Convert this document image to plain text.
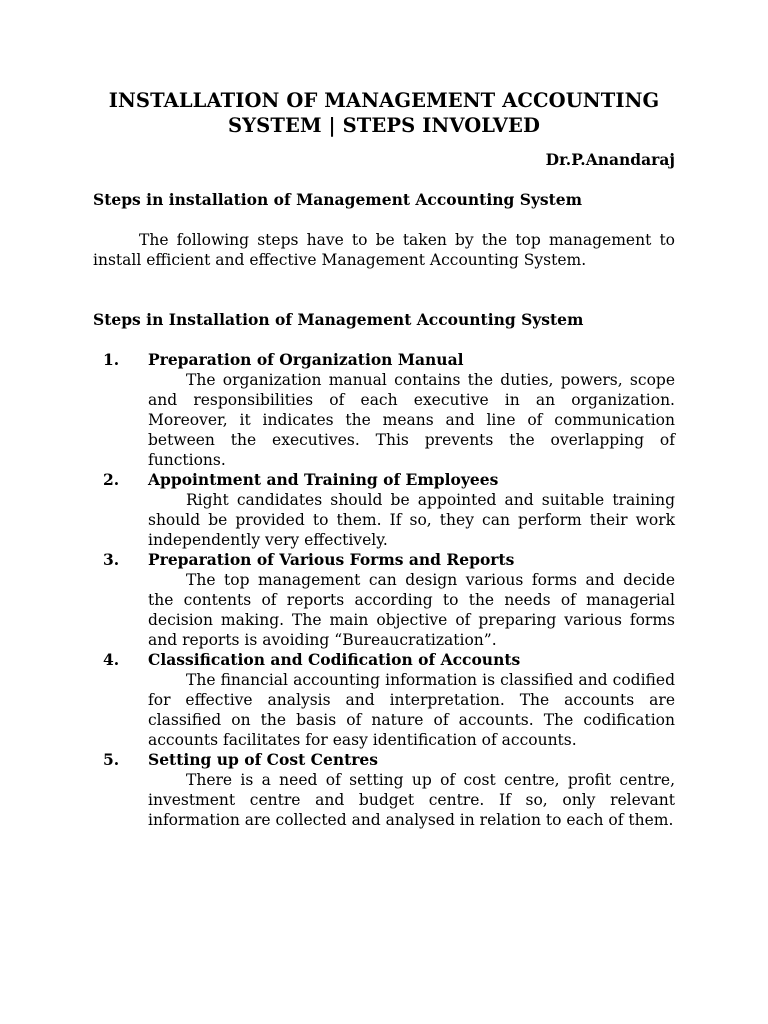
INSTALLATION OF MANAGEMENT ACCOUNTING
SYSTEM | STEPS INVOLVED
Dr.P.Anandaraj
Steps in installation of Management Accounting System

The following steps have to be taken by the top management to install efficient and effective Management Accounting System.

Steps in Installation of Management Accounting System
1. Preparation of Organization Manual
The organization manual contains the duties, powers, scope and responsibilities of each executive in an organization. Moreover, it indicates the means and line of communication between the executives. This prevents the overlapping of functions.
2. Appointment and Training of Employees
Right candidates should be appointed and suitable training should be provided to them. If so, they can perform their work independently very effectively.
3. Preparation of Various Forms and Reports
The top management can design various forms and decide the contents of reports according to the needs of managerial decision making. The main objective of preparing various forms and reports is avoiding “Bureaucratization”.
4. Classification and Codification of Accounts
The financial accounting information is classified and codified for effective analysis and interpretation. The accounts are classified on the basis of nature of accounts. The codification accounts facilitates for easy identification of accounts.
5. Setting up of Cost Centres
There is a need of setting up of cost centre, profit centre, investment centre and budget centre. If so, only relevant information are collected and analysed in relation to each of them.
